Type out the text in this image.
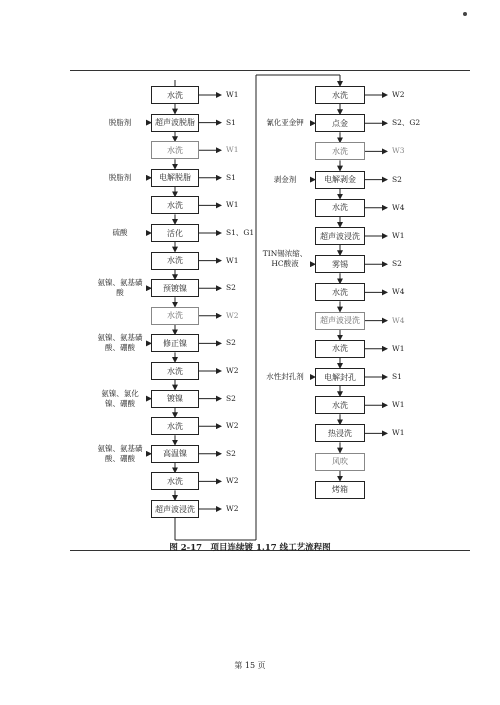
水洗	W1
超声波脱脂	S1
脱脂剂
水洗	W1
电解脱脂	S1
脱脂剂
水洗	W1
活化	S1、G1
硫酸
水洗	W1
预镀镍	S2
氨镍、氨基磺酸
水洗	W2
修正镍	S2
氨镍、氨基磺酸、硼酸
水洗	W2
镀镍	S2
氨镍、氯化镍、硼酸
水洗	W2
高温镍	S2
氨镍、氨基磺酸、硼酸
水洗	W2
超声波浸洗	W2
水洗	W2
点金	S2、G2
氰化亚金钾
水洗	W3
电解剥金	S2
剥金剂
水洗	W4
超声波浸洗	W1
雾锡	S2
TIN锡浓缩、HC酸液
水洗	W4
超声波浸洗	W4
水洗	W1
电解封孔	S1
水性封孔剂
水洗	W1
热浸洗	W1
风吹
烤箱
图 2-17　项目连续镀 1.17 线工艺流程图
第 15 页
